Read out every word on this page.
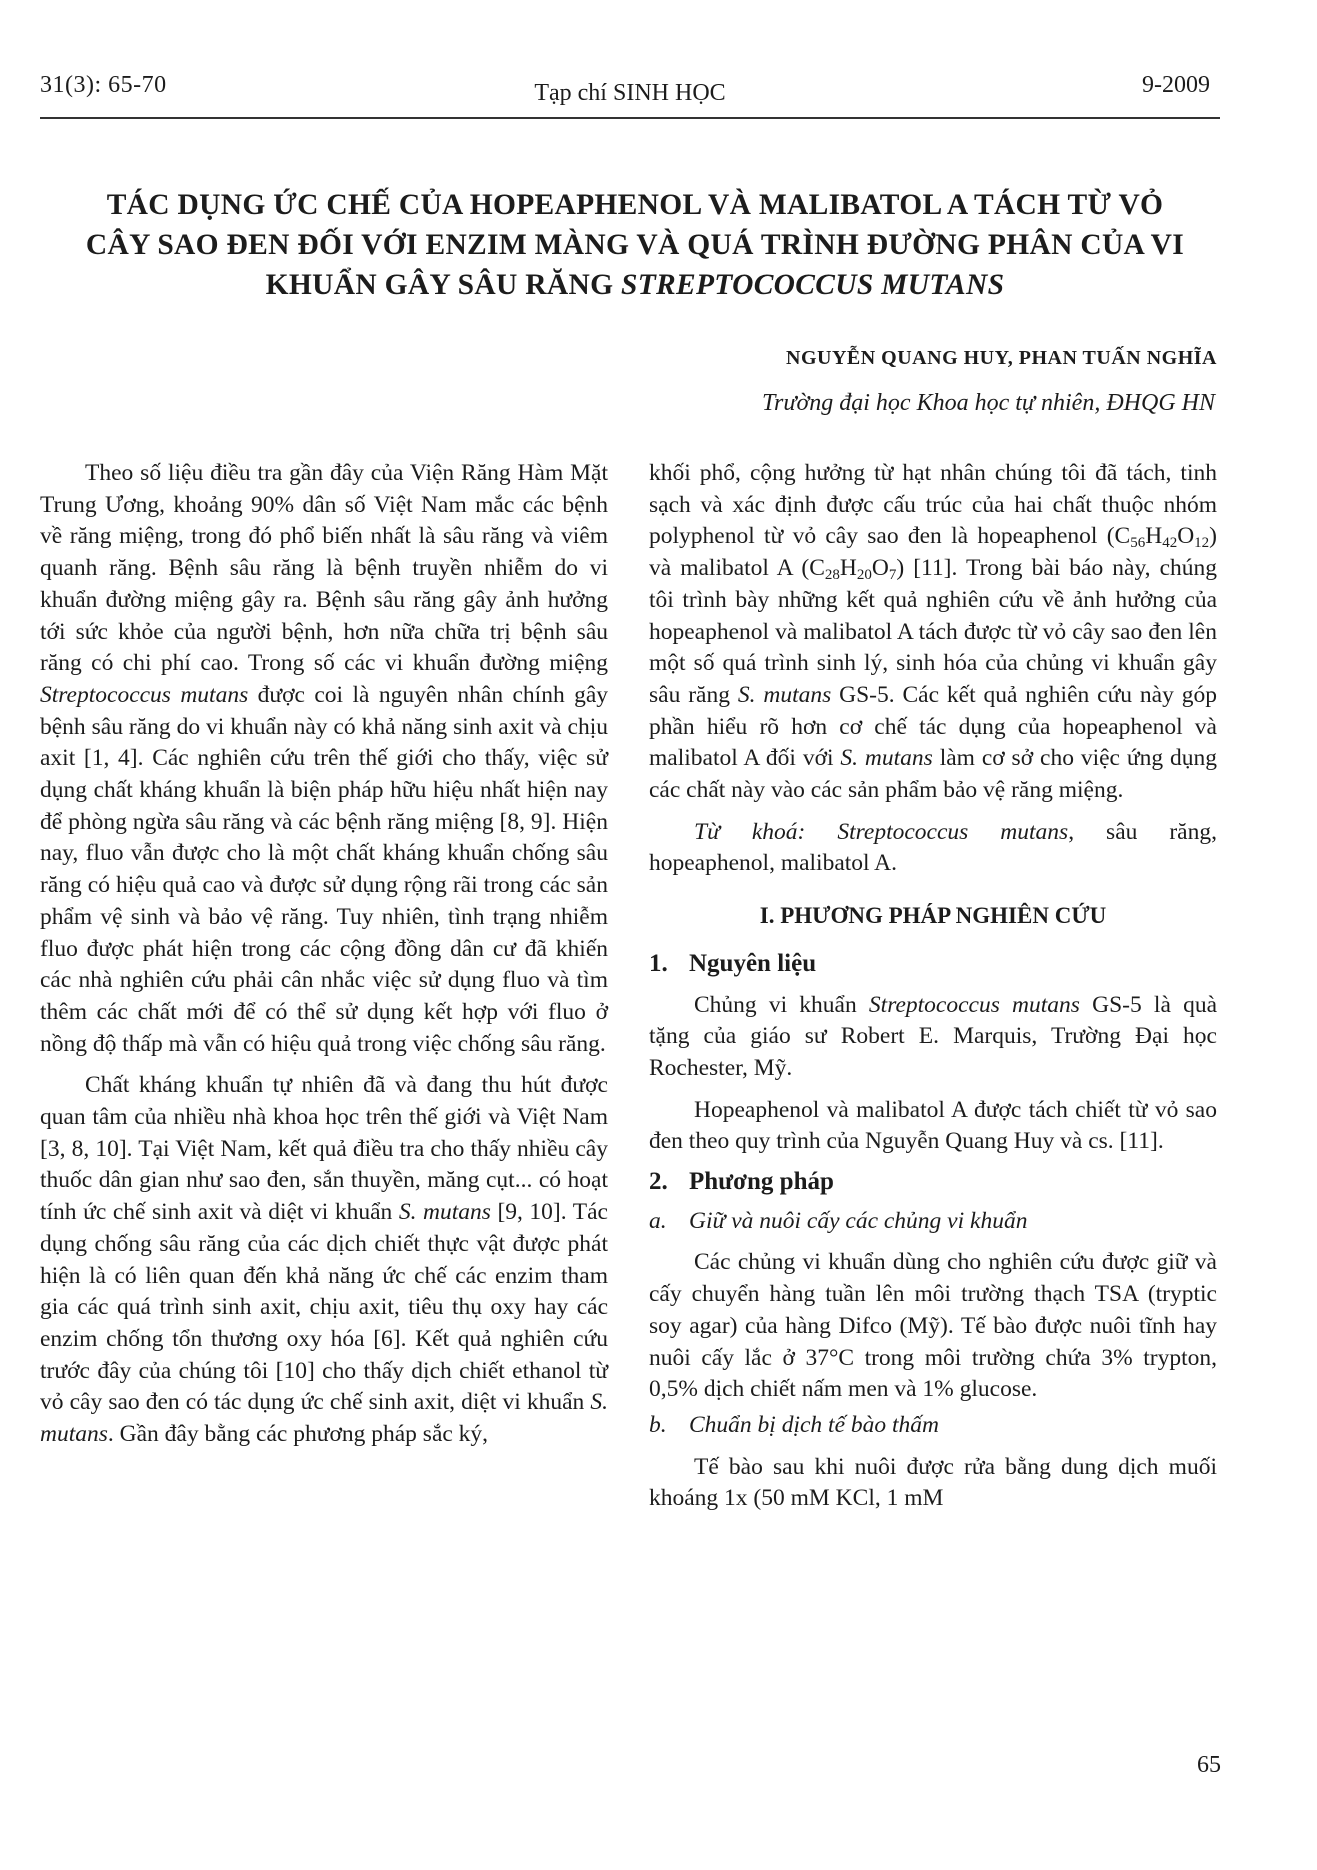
31(3): 65-70	Tạp chí SINH HỌC	9-2009
TÁC DỤNG ỨC CHẾ CỦA HOPEAPHENOL VÀ MALIBATOL A TÁCH TỪ VỎ
CÂY SAO ĐEN ĐỐI VỚI ENZIM MÀNG VÀ QUÁ TRÌNH ĐƯỜNG PHÂN CỦA VI
KHUẨN GÂY SÂU RĂNG STREPTOCOCCUS MUTANS
NGUYỄN QUANG HUY, PHAN TUẤN NGHĨA
Trường đại học Khoa học tự nhiên, ĐHQG HN

Theo số liệu điều tra gần đây của Viện Răng Hàm Mặt Trung Ương, khoảng 90% dân số Việt Nam mắc các bệnh về răng miệng, trong đó phổ biến nhất là sâu răng và viêm quanh răng. Bệnh sâu răng là bệnh truyền nhiễm do vi khuẩn đường miệng gây ra. Bệnh sâu răng gây ảnh hưởng tới sức khỏe của người bệnh, hơn nữa chữa trị bệnh sâu răng có chi phí cao. Trong số các vi khuẩn đường miệng Streptococcus mutans được coi là nguyên nhân chính gây bệnh sâu răng do vi khuẩn này có khả năng sinh axit và chịu axit [1, 4]. Các nghiên cứu trên thế giới cho thấy, việc sử dụng chất kháng khuẩn là biện pháp hữu hiệu nhất hiện nay để phòng ngừa sâu răng và các bệnh răng miệng [8, 9]. Hiện nay, fluo vẫn được cho là một chất kháng khuẩn chống sâu răng có hiệu quả cao và được sử dụng rộng rãi trong các sản phẩm vệ sinh và bảo vệ răng. Tuy nhiên, tình trạng nhiễm fluo được phát hiện trong các cộng đồng dân cư đã khiến các nhà nghiên cứu phải cân nhắc việc sử dụng fluo và tìm thêm các chất mới để có thể sử dụng kết hợp với fluo ở nồng độ thấp mà vẫn có hiệu quả trong việc chống sâu răng.

Chất kháng khuẩn tự nhiên đã và đang thu hút được quan tâm của nhiều nhà khoa học trên thế giới và Việt Nam [3, 8, 10]. Tại Việt Nam, kết quả điều tra cho thấy nhiều cây thuốc dân gian như sao đen, sắn thuyền, măng cụt... có hoạt tính ức chế sinh axit và diệt vi khuẩn S. mutans [9, 10]. Tác dụng chống sâu răng của các dịch chiết thực vật được phát hiện là có liên quan đến khả năng ức chế các enzim tham gia các quá trình sinh axit, chịu axit, tiêu thụ oxy hay các enzim chống tổn thương oxy hóa [6]. Kết quả nghiên cứu trước đây của chúng tôi [10] cho thấy dịch chiết ethanol từ vỏ cây sao đen có tác dụng ức chế sinh axit, diệt vi khuẩn S. mutans. Gần đây bằng các phương pháp sắc ký,

khối phổ, cộng hưởng từ hạt nhân chúng tôi đã tách, tinh sạch và xác định được cấu trúc của hai chất thuộc nhóm polyphenol từ vỏ cây sao đen là hopeaphenol $(C_{56}H_{42}O_{12})$ và malibatol A $(C_{28}H_{20}O_7)$ [11]. Trong bài báo này, chúng tôi trình bày những kết quả nghiên cứu về ảnh hưởng của hopeaphenol và malibatol A tách được từ vỏ cây sao đen lên một số quá trình sinh lý, sinh hóa của chủng vi khuẩn gây sâu răng S. mutans GS-5. Các kết quả nghiên cứu này góp phần hiểu rõ hơn cơ chế tác dụng của hopeaphenol và malibatol A đối với S. mutans làm cơ sở cho việc ứng dụng các chất này vào các sản phẩm bảo vệ răng miệng.

Từ khoá: Streptococcus mutans, sâu răng, hopeaphenol, malibatol A.

I. PHƯƠNG PHÁP NGHIÊN CỨU

1. Nguyên liệu

Chủng vi khuẩn Streptococcus mutans GS-5 là quà tặng của giáo sư Robert E. Marquis, Trường Đại học Rochester, Mỹ.

Hopeaphenol và malibatol A được tách chiết từ vỏ sao đen theo quy trình của Nguyễn Quang Huy và cs. [11].

2. Phương pháp

a. Giữ và nuôi cấy các chủng vi khuẩn

Các chủng vi khuẩn dùng cho nghiên cứu được giữ và cấy chuyển hàng tuần lên môi trường thạch TSA (tryptic soy agar) của hàng Difco (Mỹ). Tế bào được nuôi tĩnh hay nuôi cấy lắc ở 37°C trong môi trường chứa 3% trypton, 0,5% dịch chiết nấm men và 1% glucose.

b. Chuẩn bị dịch tế bào thấm

Tế bào sau khi nuôi được rửa bằng dung dịch muối khoáng 1x (50 mM KCl, 1 mM

65
